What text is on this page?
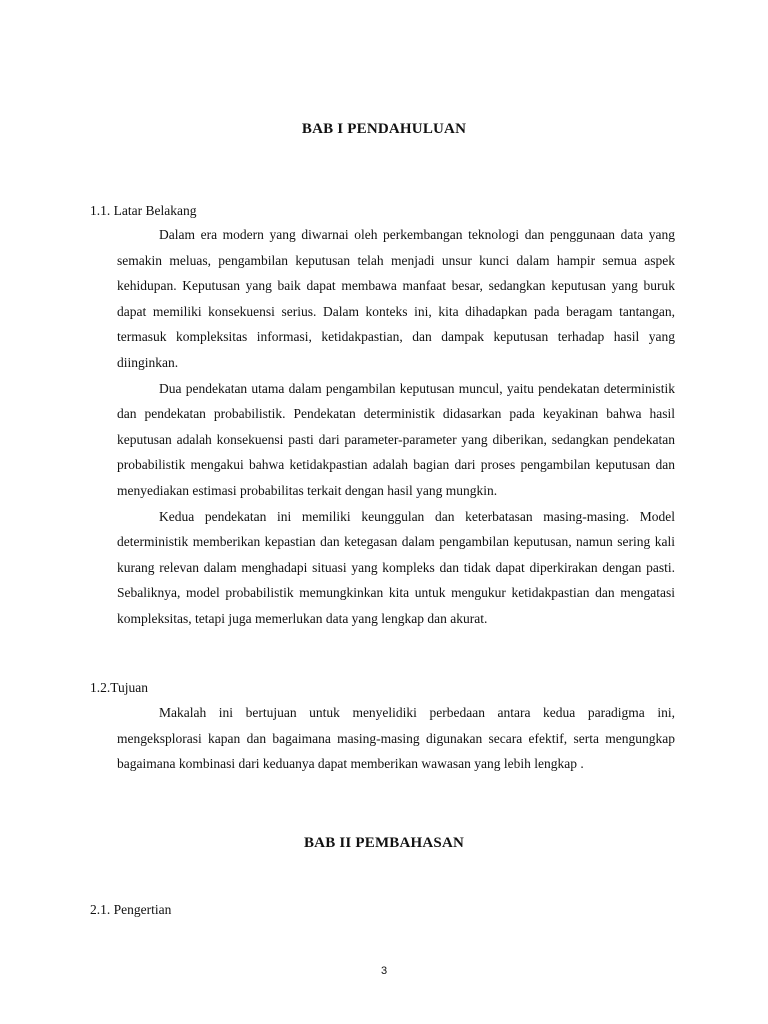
BAB I PENDAHULUAN
1.1. Latar Belakang

Dalam era modern yang diwarnai oleh perkembangan teknologi dan penggunaan data yang semakin meluas, pengambilan keputusan telah menjadi unsur kunci dalam hampir semua aspek kehidupan. Keputusan yang baik dapat membawa manfaat besar, sedangkan keputusan yang buruk dapat memiliki konsekuensi serius. Dalam konteks ini, kita dihadapkan pada beragam tantangan, termasuk kompleksitas informasi, ketidakpastian, dan dampak keputusan terhadap hasil yang diinginkan.

Dua pendekatan utama dalam pengambilan keputusan muncul, yaitu pendekatan deterministik dan pendekatan probabilistik. Pendekatan deterministik didasarkan pada keyakinan bahwa hasil keputusan adalah konsekuensi pasti dari parameter-parameter yang diberikan, sedangkan pendekatan probabilistik mengakui bahwa ketidakpastian adalah bagian dari proses pengambilan keputusan dan menyediakan estimasi probabilitas terkait dengan hasil yang mungkin.

Kedua pendekatan ini memiliki keunggulan dan keterbatasan masing-masing. Model deterministik memberikan kepastian dan ketegasan dalam pengambilan keputusan, namun sering kali kurang relevan dalam menghadapi situasi yang kompleks dan tidak dapat diperkirakan dengan pasti. Sebaliknya, model probabilistik memungkinkan kita untuk mengukur ketidakpastian dan mengatasi kompleksitas, tetapi juga memerlukan data yang lengkap dan akurat.

1.2.Tujuan

Makalah ini bertujuan untuk menyelidiki perbedaan antara kedua paradigma ini, mengeksplorasi kapan dan bagaimana masing-masing digunakan secara efektif, serta mengungkap bagaimana kombinasi dari keduanya dapat memberikan wawasan yang lebih lengkap .

BAB II PEMBAHASAN
2.1. Pengertian
3
